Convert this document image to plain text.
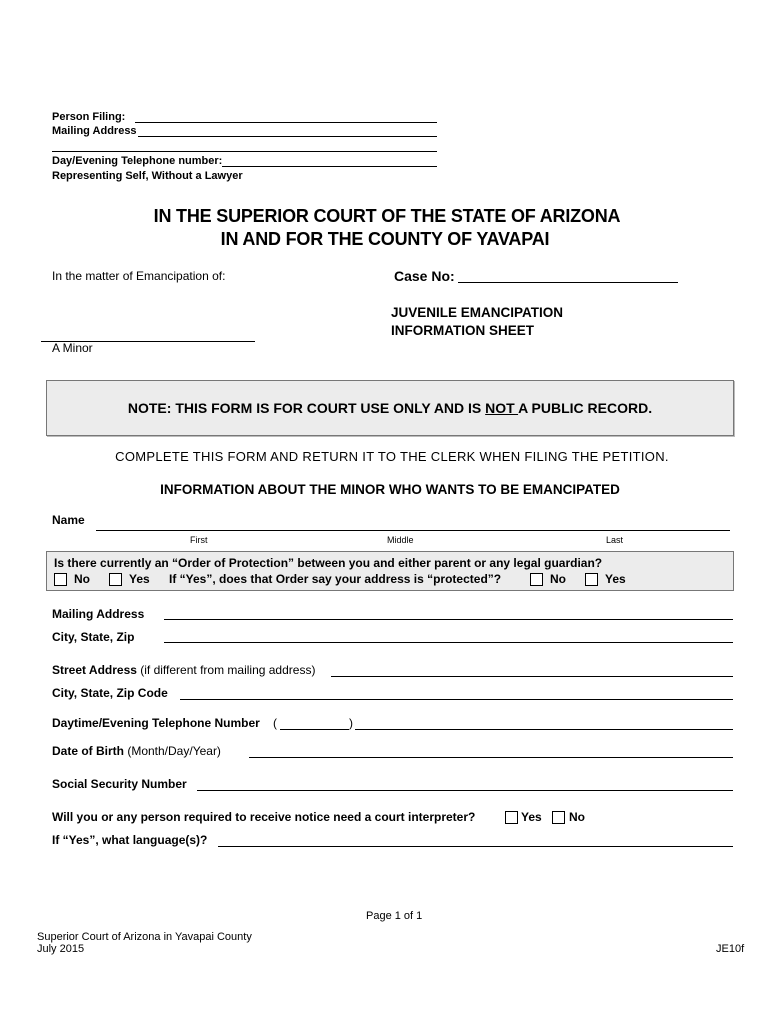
Person Filing:
Mailing Address
Day/Evening Telephone number:
Representing Self, Without a Lawyer
IN THE SUPERIOR COURT OF THE STATE OF ARIZONA
IN AND FOR THE COUNTY OF YAVAPAI
In the matter of Emancipation of:	Case No:
JUVENILE EMANCIPATION
INFORMATION SHEET
A Minor
NOTE: THIS FORM IS FOR COURT USE ONLY AND IS NOT A PUBLIC RECORD.
COMPLETE THIS FORM AND RETURN IT TO THE CLERK WHEN FILING THE PETITION.
INFORMATION ABOUT THE MINOR WHO WANTS TO BE EMANCIPATED
Name
First	Middle	Last
Is there currently an “Order of Protection” between you and either parent or any legal guardian?
No	Yes If “Yes”, does that Order say your address is “protected”?	No	Yes
Mailing Address
City, State, Zip
Street Address (if different from mailing address)
City, State, Zip Code
Daytime/Evening Telephone Number (	)
Date of Birth (Month/Day/Year)
Social Security Number
Will you or any person required to receive notice need a court interpreter?	Yes No
If “Yes”, what language(s)?
Page 1 of 1
Superior Court of Arizona in Yavapai County
July 2015	JE10f
